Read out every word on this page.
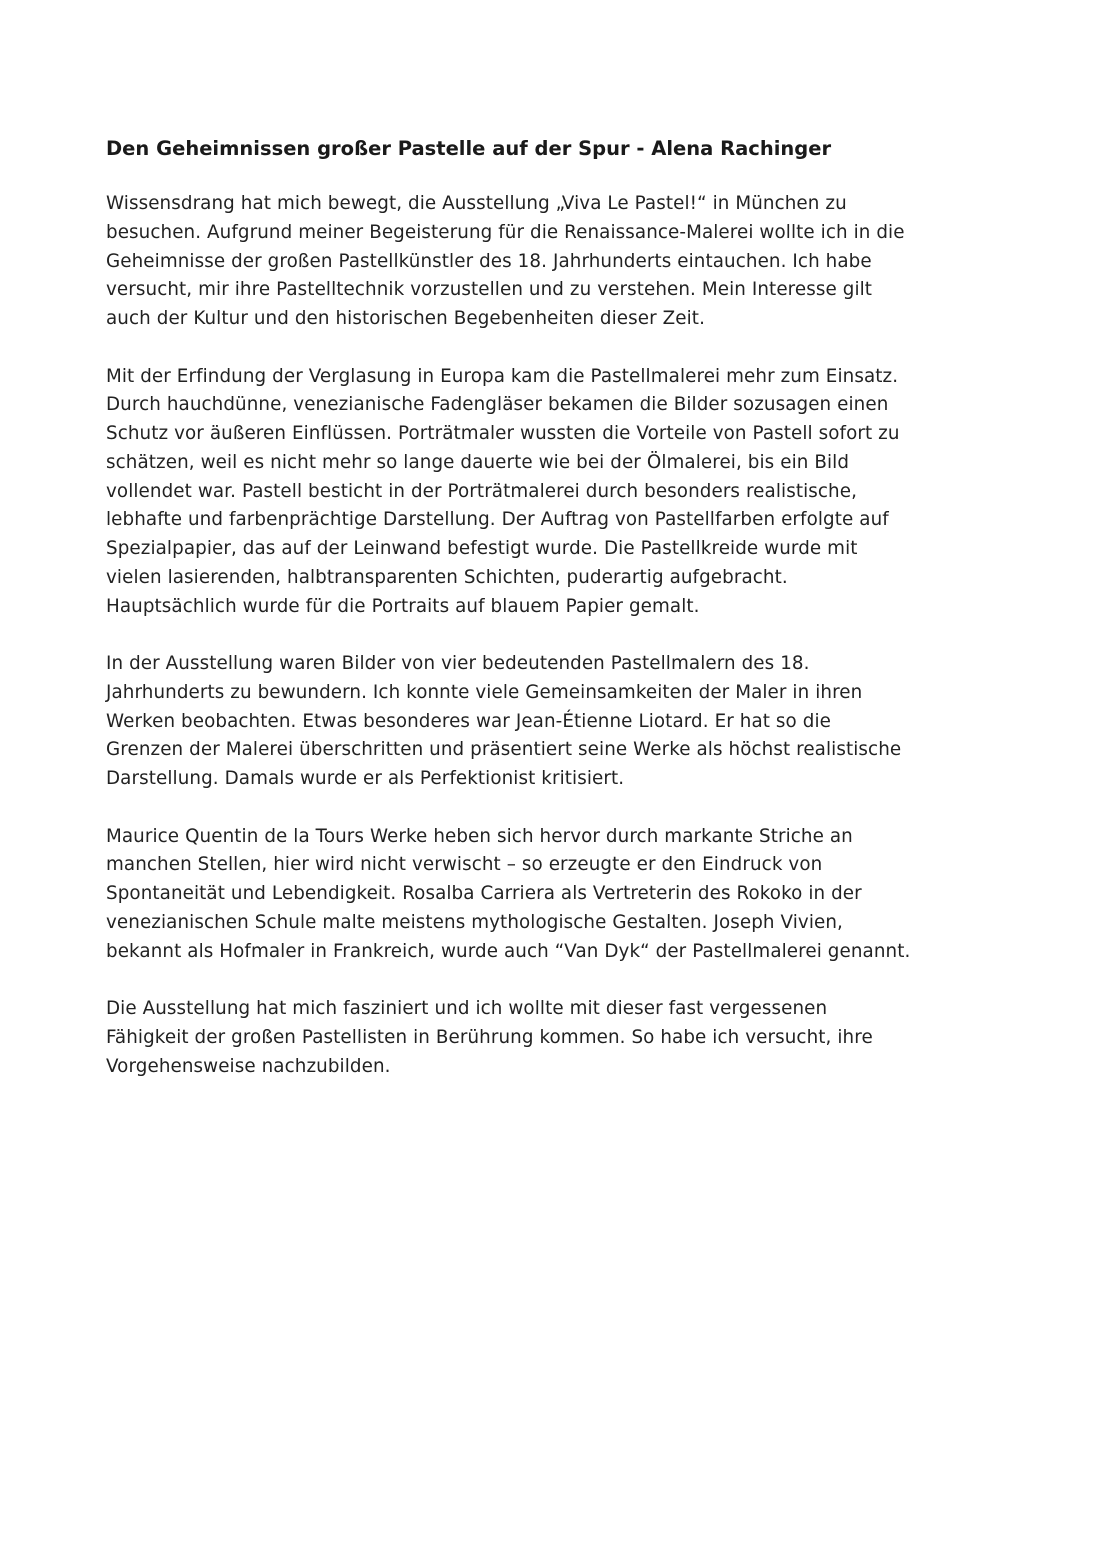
Den Geheimnissen großer Pastelle auf der Spur - Alena Rachinger

Wissensdrang hat mich bewegt, die Ausstellung „Viva Le Pastel!“ in München zu
besuchen. Aufgrund meiner Begeisterung für die Renaissance-Malerei wollte ich in die
Geheimnisse der großen Pastellkünstler des 18. Jahrhunderts eintauchen. Ich habe
versucht, mir ihre Pastelltechnik vorzustellen und zu verstehen. Mein Interesse gilt
auch der Kultur und den historischen Begebenheiten dieser Zeit.

Mit der Erfindung der Verglasung in Europa kam die Pastellmalerei mehr zum Einsatz.
Durch hauchdünne, venezianische Fadengläser bekamen die Bilder sozusagen einen
Schutz vor äußeren Einflüssen. Porträtmaler wussten die Vorteile von Pastell sofort zu
schätzen, weil es nicht mehr so lange dauerte wie bei der Ölmalerei, bis ein Bild
vollendet war. Pastell besticht in der Porträtmalerei durch besonders realistische,
lebhafte und farbenprächtige Darstellung. Der Auftrag von Pastellfarben erfolgte auf
Spezialpapier, das auf der Leinwand befestigt wurde. Die Pastellkreide wurde mit
vielen lasierenden, halbtransparenten Schichten, puderartig aufgebracht.
Hauptsächlich wurde für die Portraits auf blauem Papier gemalt.

In der Ausstellung waren Bilder von vier bedeutenden Pastellmalern des 18.
Jahrhunderts zu bewundern. Ich konnte viele Gemeinsamkeiten der Maler in ihren
Werken beobachten. Etwas besonderes war Jean-Étienne Liotard. Er hat so die
Grenzen der Malerei überschritten und präsentiert seine Werke als höchst realistische
Darstellung. Damals wurde er als Perfektionist kritisiert.

Maurice Quentin de la Tours Werke heben sich hervor durch markante Striche an
manchen Stellen, hier wird nicht verwischt – so erzeugte er den Eindruck von
Spontaneität und Lebendigkeit. Rosalba Carriera als Vertreterin des Rokoko in der
venezianischen Schule malte meistens mythologische Gestalten. Joseph Vivien,
bekannt als Hofmaler in Frankreich, wurde auch “Van Dyk“ der Pastellmalerei genannt.

Die Ausstellung hat mich fasziniert und ich wollte mit dieser fast vergessenen
Fähigkeit der großen Pastellisten in Berührung kommen. So habe ich versucht, ihre
Vorgehensweise nachzubilden.
